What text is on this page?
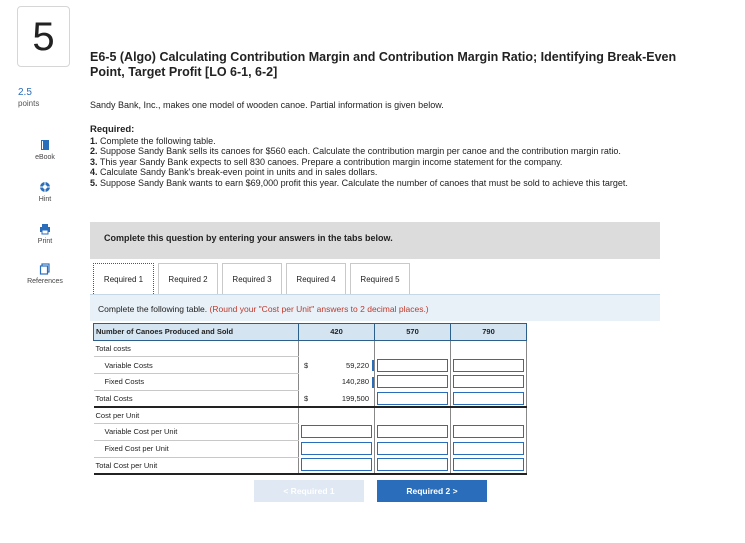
5
2.5
points
eBook
Hint
Print
References
E6-5 (Algo) Calculating Contribution Margin and Contribution Margin Ratio; Identifying Break-Even Point, Target Profit [LO 6-1, 6-2]
Sandy Bank, Inc., makes one model of wooden canoe. Partial information is given below.
Required:
1. Complete the following table.
2. Suppose Sandy Bank sells its canoes for $560 each. Calculate the contribution margin per canoe and the contribution margin ratio.
3. This year Sandy Bank expects to sell 830 canoes. Prepare a contribution margin income statement for the company.
4. Calculate Sandy Bank's break-even point in units and in sales dollars.
5. Suppose Sandy Bank wants to earn $69,000 profit this year. Calculate the number of canoes that must be sold to achieve this target.
Complete this question by entering your answers in the tabs below.
Required 1	Required 2	Required 3	Required 4	Required 5
Complete the following table. (Round your "Cost per Unit" answers to 2 decimal places.)
Number of Canoes Produced and Sold	420	570	790
Total costs			
Variable Costs	$ 59,220		

Fixed Costs	140,280		

Total Costs	$ 199,500		

Cost per Unit			
Variable Cost per Unit	

Fixed Cost per Unit	

Total Cost per Unit	

< Required 1	Required 2 >
